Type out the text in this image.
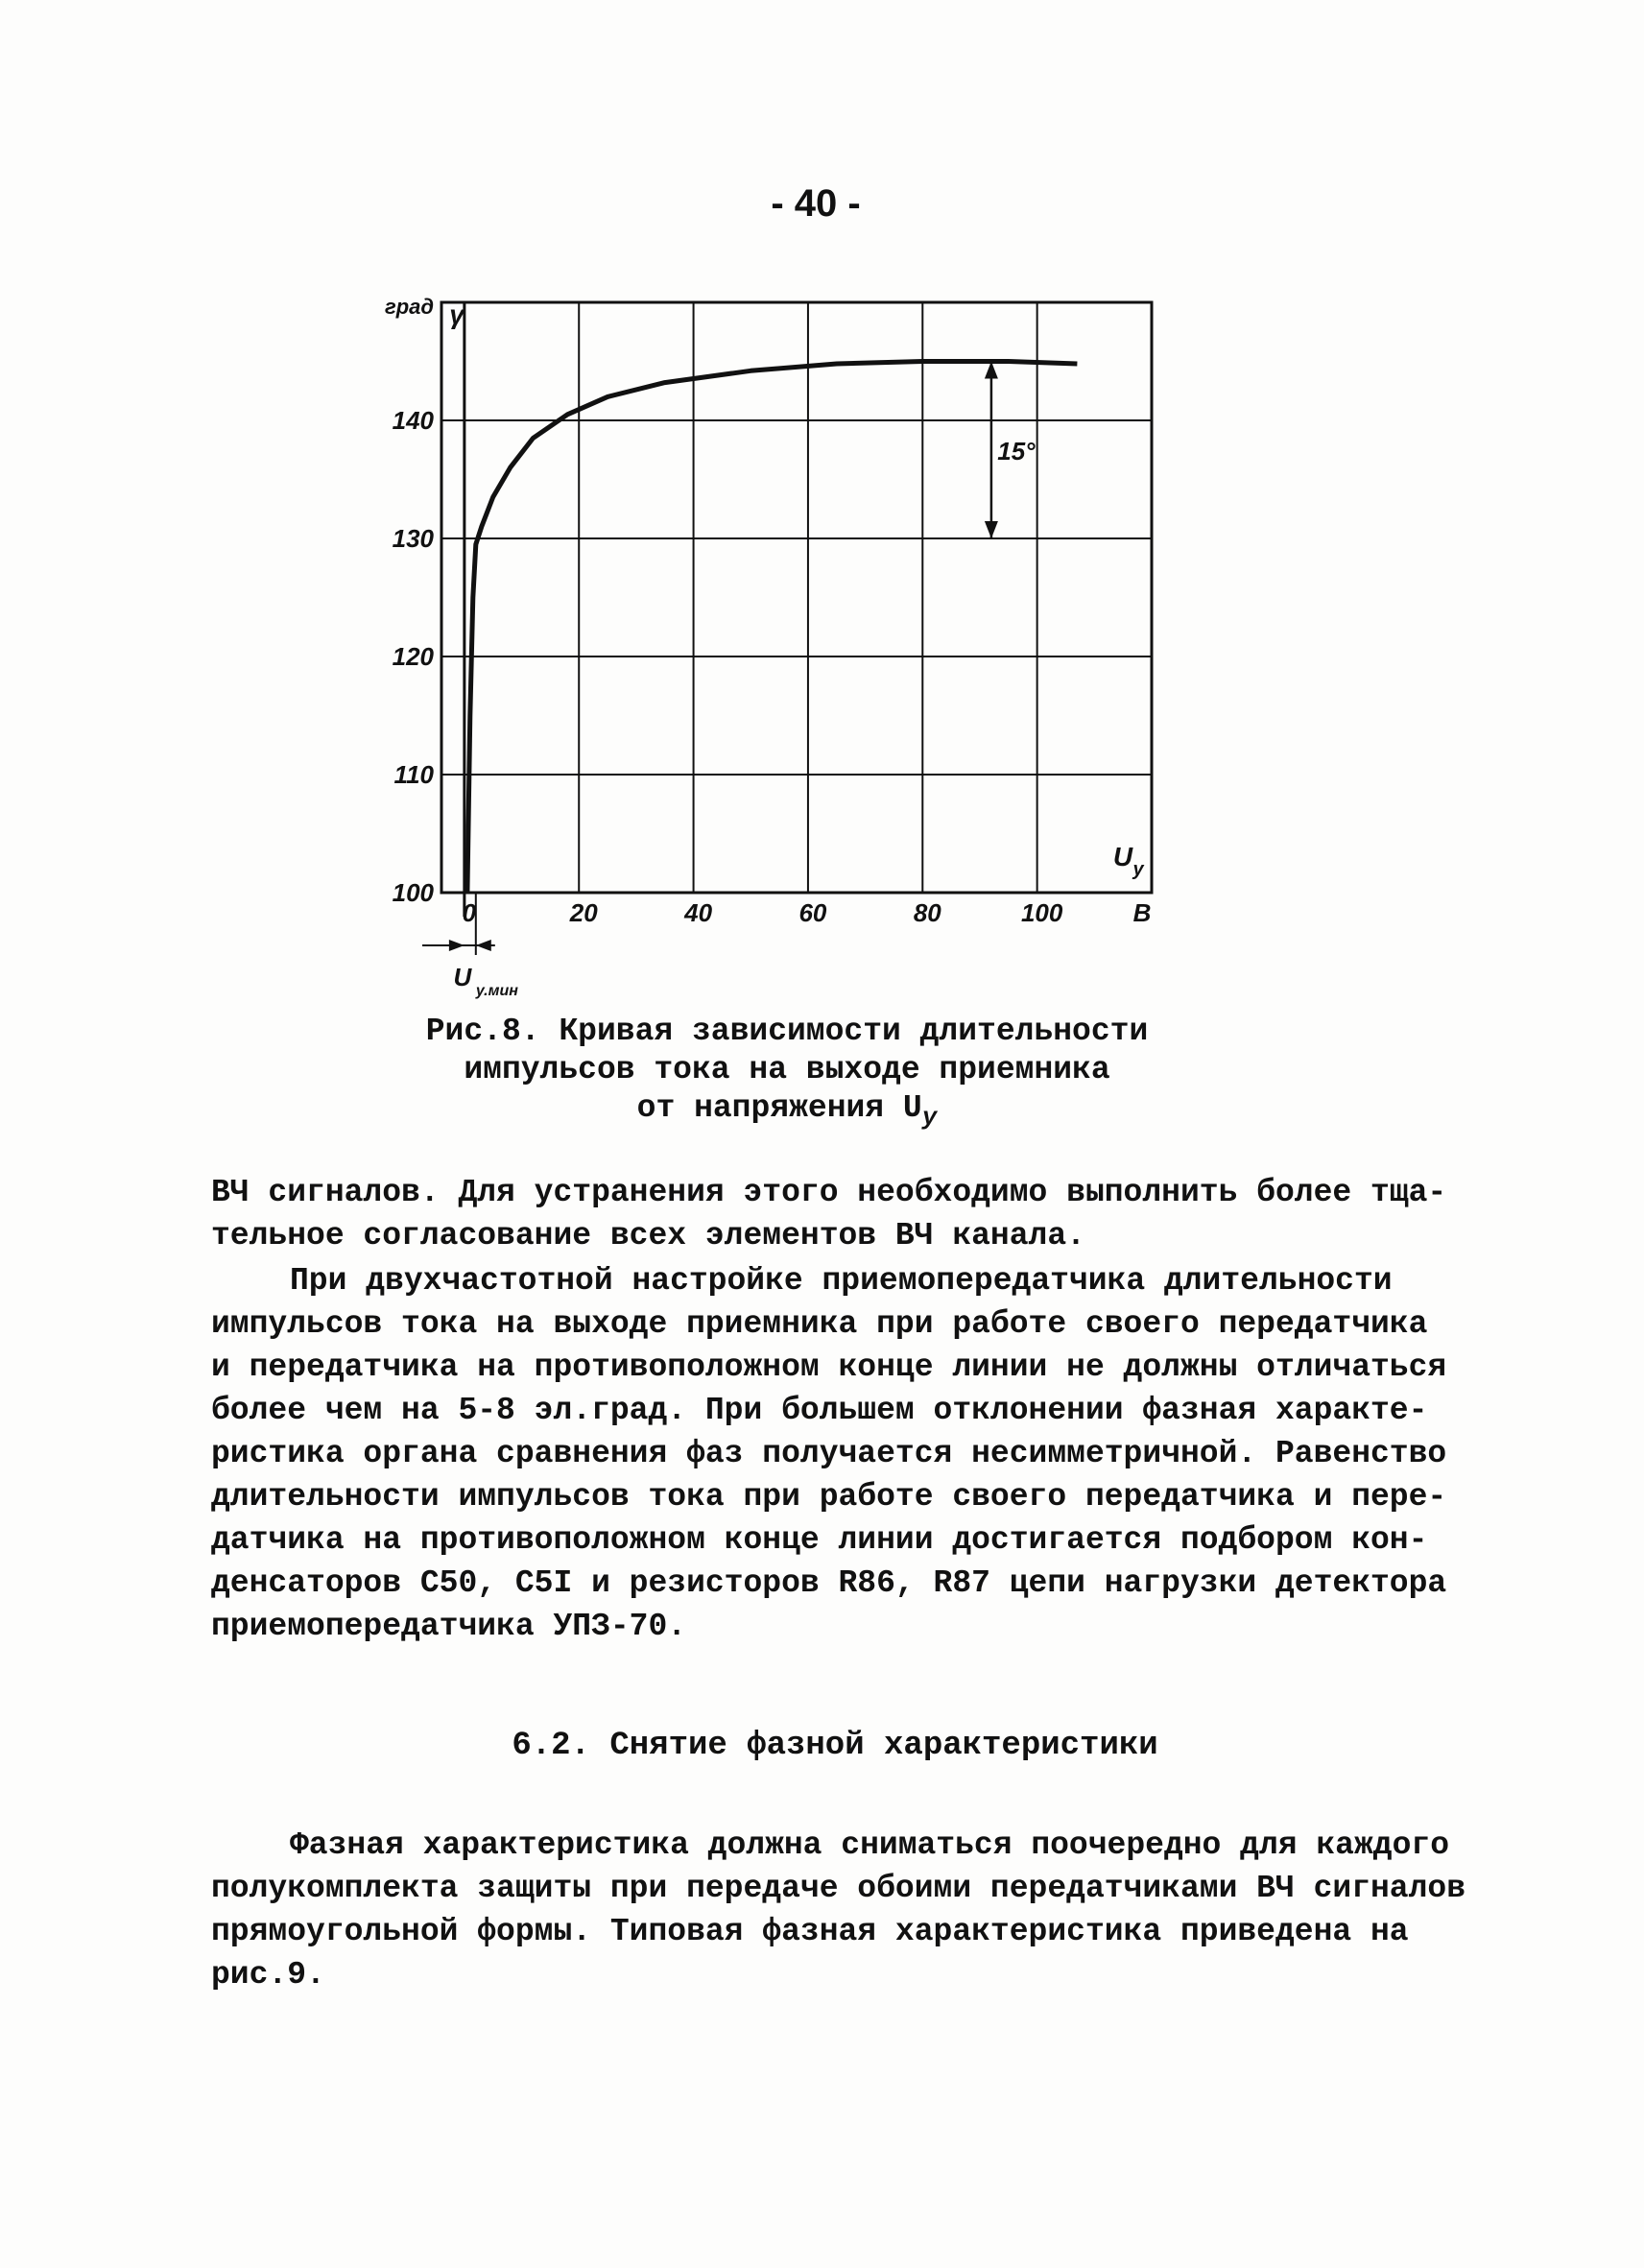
- 40 -
0	20	40	60	80	100	В
100
110
120
130
140
град γ
U у
15°
U у.мин
Рис.8. Кривая зависимости длительности
импульсов тока на выходе приемника
от напряжения $U_у$
ВЧ сигналов. Для устранения этого необходимо выполнить более тща-
тельное согласование всех элементов ВЧ канала.
При двухчастотной настройке приемопередатчика длительности
импульсов тока на выходе приемника при работе своего передатчика
и передатчика на противоположном конце линии не должны отличаться
более чем на 5-8 эл.град. При большем отклонении фазная характе-
ристика органа сравнения фаз получается несимметричной. Равенство
длительности импульсов тока при работе своего передатчика и пере-
датчика на противоположном конце линии достигается подбором кон-
денсаторов С50, С5I и резисторов R86, R87 цепи нагрузки детектора
приемопередатчика УПЗ-70.
6.2. Снятие фазной характеристики
Фазная характеристика должна сниматься поочередно для каждого
полукомплекта защиты при передаче обоими передатчиками ВЧ сигналов
прямоугольной формы. Типовая фазная характеристика приведена на
рис.9.
